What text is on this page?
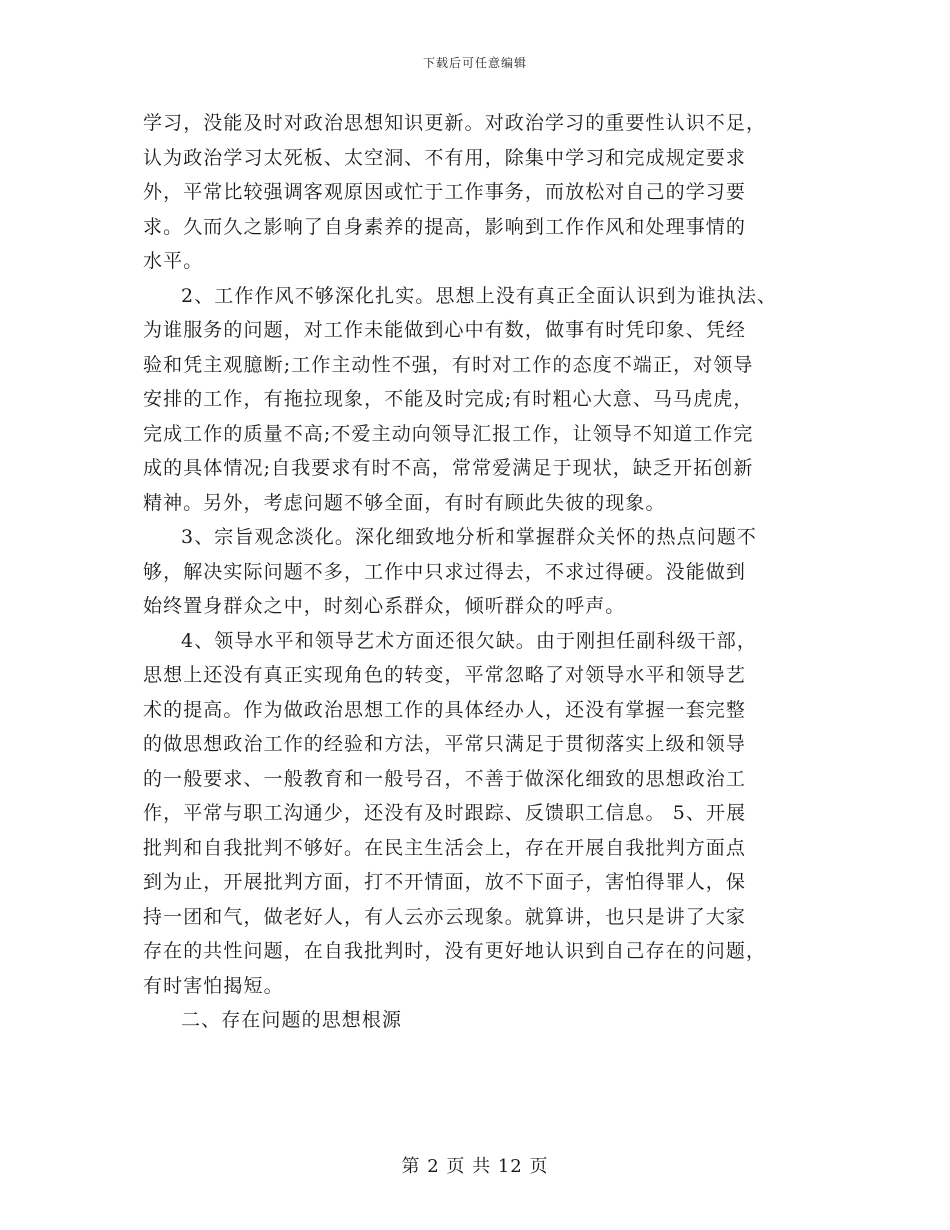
下载后可任意编辑
学习，没能及时对政治思想知识更新。对政治学习的重要性认识不足，
认为政治学习太死板、太空洞、不有用，除集中学习和完成规定要求
外，平常比较强调客观原因或忙于工作事务，而放松对自己的学习要
求。久而久之影响了自身素养的提高，影响到工作作风和处理事情的
水平。
2、工作作风不够深化扎实。思想上没有真正全面认识到为谁执法、
为谁服务的问题，对工作未能做到心中有数，做事有时凭印象、凭经
验和凭主观臆断;工作主动性不强，有时对工作的态度不端正，对领导
安排的工作，有拖拉现象，不能及时完成;有时粗心大意、马马虎虎，
完成工作的质量不高;不爱主动向领导汇报工作，让领导不知道工作完
成的具体情况;自我要求有时不高，常常爱满足于现状，缺乏开拓创新
精神。另外，考虑问题不够全面，有时有顾此失彼的现象。
3、宗旨观念淡化。深化细致地分析和掌握群众关怀的热点问题不
够，解决实际问题不多，工作中只求过得去，不求过得硬。没能做到
始终置身群众之中，时刻心系群众，倾听群众的呼声。
4、领导水平和领导艺术方面还很欠缺。由于刚担任副科级干部，
思想上还没有真正实现角色的转变，平常忽略了对领导水平和领导艺
术的提高。作为做政治思想工作的具体经办人，还没有掌握一套完整
的做思想政治工作的经验和方法，平常只满足于贯彻落实上级和领导
的一般要求、一般教育和一般号召，不善于做深化细致的思想政治工
作，平常与职工沟通少，还没有及时跟踪、反馈职工信息。 5、开展
批判和自我批判不够好。在民主生活会上，存在开展自我批判方面点
到为止，开展批判方面，打不开情面，放不下面子，害怕得罪人，保
持一团和气，做老好人，有人云亦云现象。就算讲，也只是讲了大家
存在的共性问题，在自我批判时，没有更好地认识到自己存在的问题，
有时害怕揭短。
二、存在问题的思想根源
第 2 页 共 12 页
